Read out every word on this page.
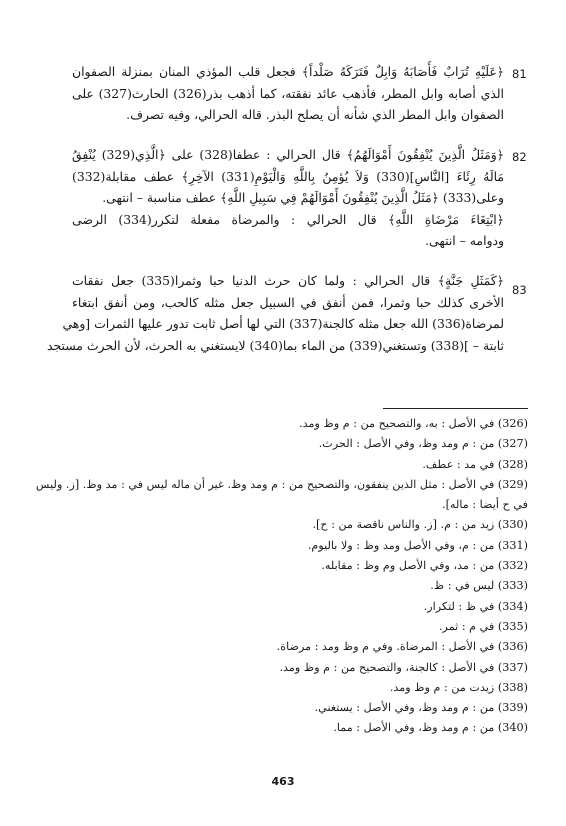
81
﴿عَلَيْهِ تُرَابٌ فَأَصَابَهُ وَابِلٌ فَتَرَكَهُ صَلْداً﴾ فجعل قلب المؤذي المنان بمنزلة الصفوان
الذي أصابه وابل المطر، فأذهب عائد نفقته، كما أذهب بذر(326) الحارث(327) على
الصفوان وابل المطر الذي شأنه أن يصلح البذر. قاله الحرالي، وفيه تصرف.
82
﴿وَمَثَلُ الَّذِينَ يُنْفِقُونَ أَمْوَالَهُمُ﴾ قال الحرالي : عطفا(328) على ﴿الَّذِي(329) يُنْفِقُ
مَالَهُ رِئَاءَ [النَّاسِ](330) وَلاَ يُؤمِنُ بِاللَّهِ وَالْيَوْمِ(331) الآخِرِ﴾ عطف مقابلة(332)
وعلى(333) ﴿مَثَلُ الَّذِينَ يُنْفِقُونَ أَمْوَالَهُمْ فِي سَبِيلِ اللَّهِ﴾ عطف مناسبة – انتهى.
﴿ابْتِغَاءَ مَرْضَاةِ اللَّهِ﴾ قال الحرالي : والمرضاة مفعلة لتكرر(334) الرضى
ودوامه – انتهى.
83
﴿كَمَثَلِ جَنَّةٍ﴾ قال الحرالي : ولما كان حرث الدنيا حبا وثمرا(335) جعل نفقات
الأخرى كذلك حبا وثمرا، فمن أنفق في السبيل جعل مثله كالحب، ومن أنفق ابتغاء
لمرضاة(336) الله جعل مثله كالجنة(337) التي لها أصل ثابت تدور عليها الثمرات [وهي
ثابتة – ](338) وتستغني(339) من الماء بما(340) لايستغني به الحرث، لأن الحرث مستجد
(326) في الأصل : به، والتصحيح من : م وظ ومد.
(327) من : م ومد وظ، وفي الأصل : الحرث.
(328) في مد : عطف.
(329) في الأصل : مثل الذين ينفقون، والتصحيح من : م ومد وظ. غير أن ماله ليس في : مد وظ. [ز. وليس
في ح أيضا : ماله].
(330) زيد من : م. [ز. والناس ناقصة من : ح].
(331) من : م، وفي الأصل ومد وظ : ولا باليوم.
(332) من : مد، وفي الأصل وم وظ : مقابله.
(333) ليس في : ظ.
(334) في ظ : لتكرار.
(335) في م : ثمر.
(336) في الأصل : المرضاة. وفي م وظ ومد : مرضاة.
(337) في الأصل : كالجنة، والتصحيح من : م وظ ومد.
(338) زيدت من : م وظ ومد.
(339) من : م ومد وظ، وفي الأصل : يستغني.
(340) من : م ومد وظ، وفي الأصل : مما.
463
